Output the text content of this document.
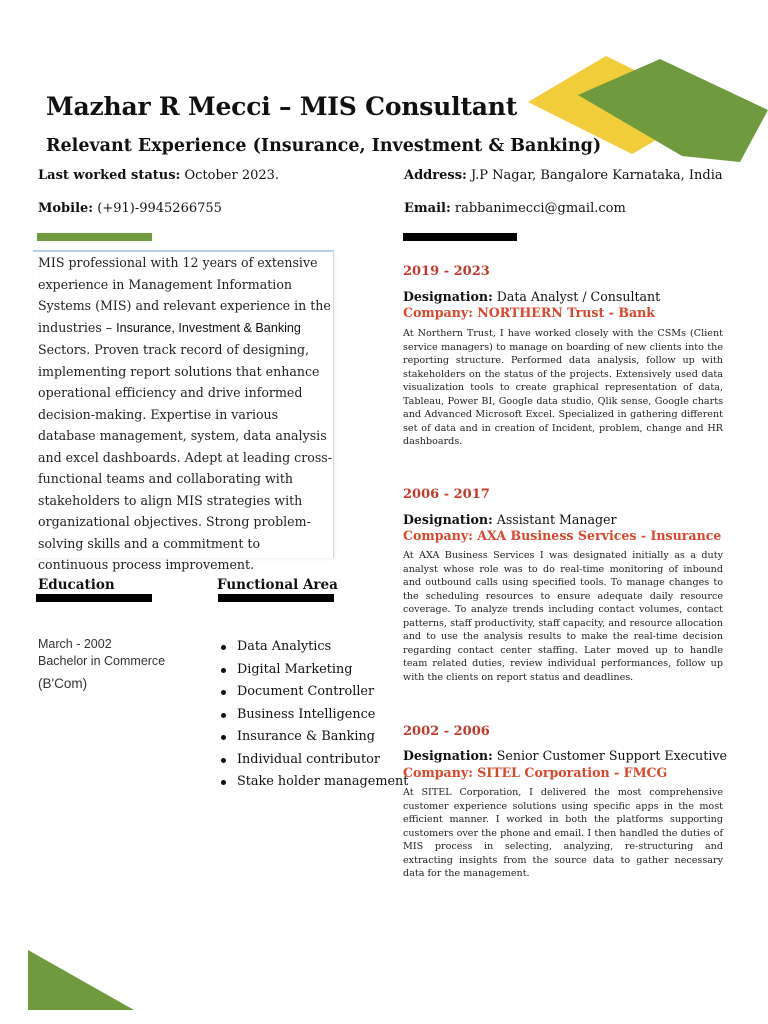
Mazhar R Mecci – MIS Consultant
Relevant Experience (Insurance, Investment & Banking)
Last worked status: October 2023.
Mobile: (+91)-9945266755
Address: J.P Nagar, Bangalore Karnataka, India
Email: rabbanimecci@gmail.com
MIS professional with 12 years of extensive experience in Management Information Systems (MIS) and relevant experience in the industries – Insurance, Investment & Banking Sectors. Proven track record of designing, implementing report solutions that enhance operational efficiency and drive informed decision-making. Expertise in various database management, system, data analysis and excel dashboards. Adept at leading cross-functional teams and collaborating with stakeholders to align MIS strategies with organizational objectives. Strong problem-solving skills and a commitment to continuous process improvement.
Education
March - 2002
Bachelor in Commerce
(B'Com)
Functional Area
Data Analytics
Digital Marketing
Document Controller
Business Intelligence
Insurance & Banking
Individual contributor
Stake holder management
2019 - 2023
Designation: Data Analyst / Consultant
Company: NORTHERN Trust - Bank
At Northern Trust, I have worked closely with the CSMs (Client service managers) to manage on boarding of new clients into the reporting structure. Performed data analysis, follow up with stakeholders on the status of the projects. Extensively used data visualization tools to create graphical representation of data, Tableau, Power BI, Google data studio, Qlik sense, Google charts and Advanced Microsoft Excel. Specialized in gathering different set of data and in creation of Incident, problem, change and HR dashboards.
2006 - 2017
Designation: Assistant Manager
Company: AXA Business Services - Insurance
At AXA Business Services I was designated initially as a duty analyst whose role was to do real-time monitoring of inbound and outbound calls using specified tools. To manage changes to the scheduling resources to ensure adequate daily resource coverage. To analyze trends including contact volumes, contact patterns, staff productivity, staff capacity, and resource allocation and to use the analysis results to make the real-time decision regarding contact center staffing. Later moved up to handle team related duties, review individual performances, follow up with the clients on report status and deadlines.
2002 - 2006
Designation: Senior Customer Support Executive
Company: SITEL Corporation - FMCG
At SITEL Corporation, I delivered the most comprehensive customer experience solutions using specific apps in the most efficient manner. I worked in both the platforms supporting customers over the phone and email. I then handled the duties of MIS process in selecting, analyzing, re-structuring and extracting insights from the source data to gather necessary data for the management.
